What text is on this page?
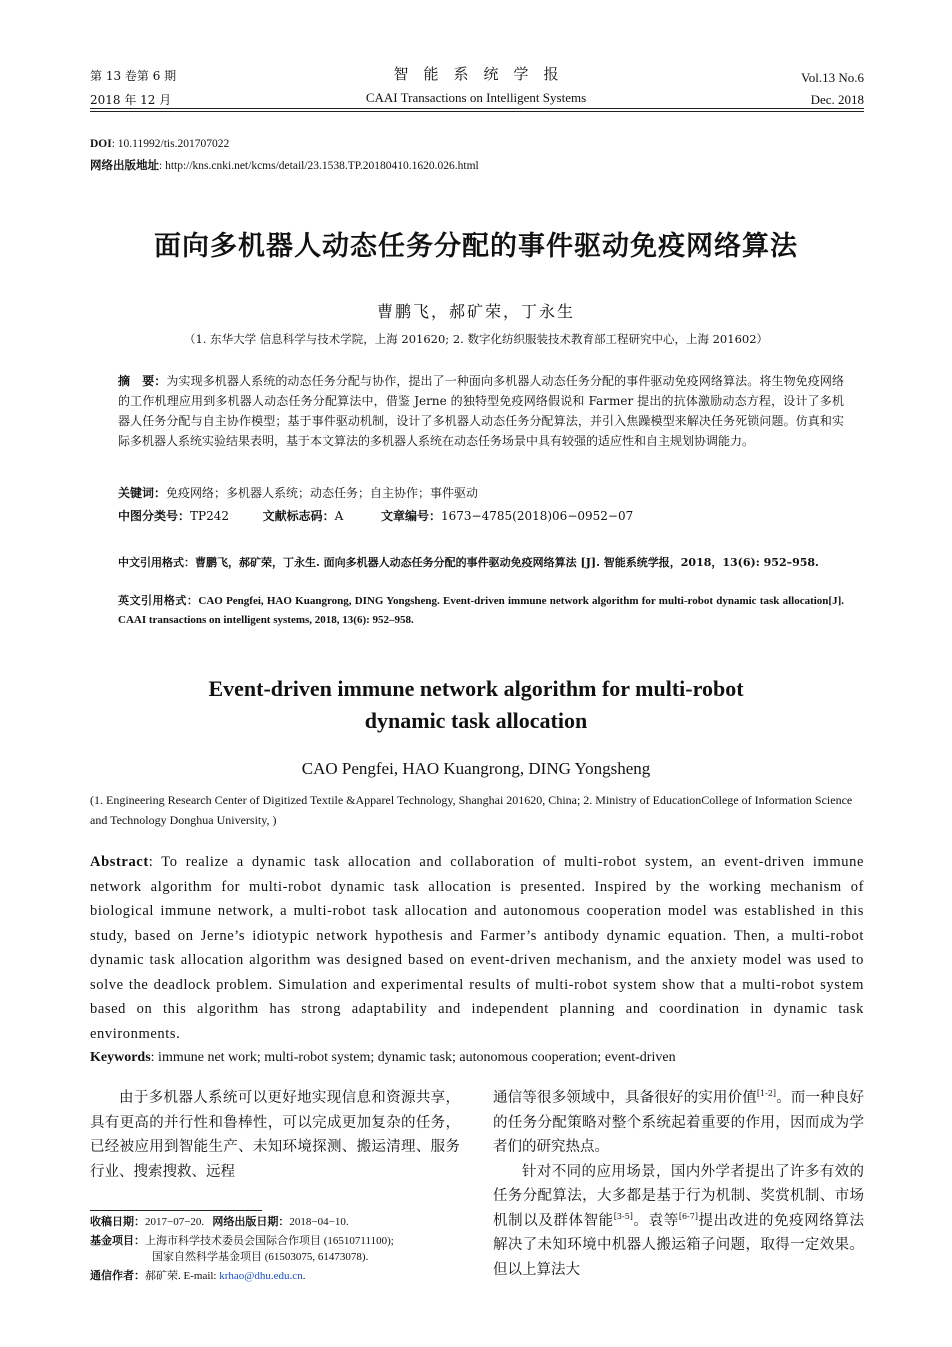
第 13 卷第 6 期
2018 年 12 月
智　能　系　统　学　报
CAAI Transactions on Intelligent Systems
Vol.13 No.6
Dec. 2018
DOI: 10.11992/tis.201707022
网络出版地址: http://kns.cnki.net/kcms/detail/23.1538.TP.20180410.1620.026.html
面向多机器人动态任务分配的事件驱动免疫网络算法
曹鹏飞，郝矿荣，丁永生
（1. 东华大学 信息科学与技术学院，上海 201620; 2. 数字化纺织服装技术教育部工程研究中心，上海 201602）
摘　要：为实现多机器人系统的动态任务分配与协作，提出了一种面向多机器人动态任务分配的事件驱动免疫网络算法。将生物免疫网络的工作机理应用到多机器人动态任务分配算法中，借鉴 Jerne 的独特型免疫网络假说和 Farmer 提出的抗体激励动态方程，设计了多机器人任务分配与自主协作模型；基于事件驱动机制，设计了多机器人动态任务分配算法，并引入焦躁模型来解决任务死锁问题。仿真和实际多机器人系统实验结果表明，基于本文算法的多机器人系统在动态任务场景中具有较强的适应性和自主规划协调能力。
关键词：免疫网络；多机器人系统；动态任务；自主协作；事件驱动
中图分类号：TP242	文献标志码：A	文章编号：1673−4785(2018)06−0952−07
中文引用格式：曹鹏飞，郝矿荣，丁永生. 面向多机器人动态任务分配的事件驱动免疫网络算法 [J]. 智能系统学报，2018，13(6): 952–958.
英文引用格式：CAO Pengfei, HAO Kuangrong, DING Yongsheng. Event-driven immune network algorithm for multi-robot dynamic task allocation[J]. CAAI transactions on intelligent systems, 2018, 13(6): 952–958.
Event-driven immune network algorithm for multi-robot
dynamic task allocation
CAO Pengfei, HAO Kuangrong, DING Yongsheng
(1. Engineering Research Center of Digitized Textile &Apparel Technology, Shanghai 201620, China; 2. Ministry of EducationCollege of Information Science and Technology Donghua University, )
Abstract: To realize a dynamic task allocation and collaboration of multi-robot system, an event-driven immune network algorithm for multi-robot dynamic task allocation is presented. Inspired by the working mechanism of biological immune network, a multi-robot task allocation and autonomous cooperation model was established in this study, based on Jerne’s idiotypic network hypothesis and Farmer’s antibody dynamic equation. Then, a multi-robot dynamic task allocation algorithm was designed based on event-driven mechanism, and the anxiety model was used to solve the deadlock problem. Simulation and experimental results of multi-robot system show that a multi-robot system based on this algorithm has strong adaptability and independent planning and coordination in dynamic task environments.
Keywords: immune net work; multi-robot system; dynamic task; autonomous cooperation; event-driven
由于多机器人系统可以更好地实现信息和资源共享，具有更高的并行性和鲁棒性，可以完成更加复杂的任务，已经被应用到智能生产、未知环境探测、搬运清理、服务行业、搜索搜救、远程
收稿日期：2017−07−20. 网络出版日期：2018−04−10.
基金项目：上海市科学技术委员会国际合作项目 (16510711100);
国家自然科学基金项目 (61503075, 61473078).
通信作者：郝矿荣. E-mail: krhao@dhu.edu.cn.
通信等很多领域中，具备很好的实用价值[1-2]。而一种良好的任务分配策略对整个系统起着重要的作用，因而成为学者们的研究热点。
针对不同的应用场景，国内外学者提出了许多有效的任务分配算法，大多都是基于行为机制、奖赏机制、市场机制以及群体智能[3-5]。袁等[6-7]提出改进的免疫网络算法解决了未知环境中机器人搬运箱子问题，取得一定效果。但以上算法大
